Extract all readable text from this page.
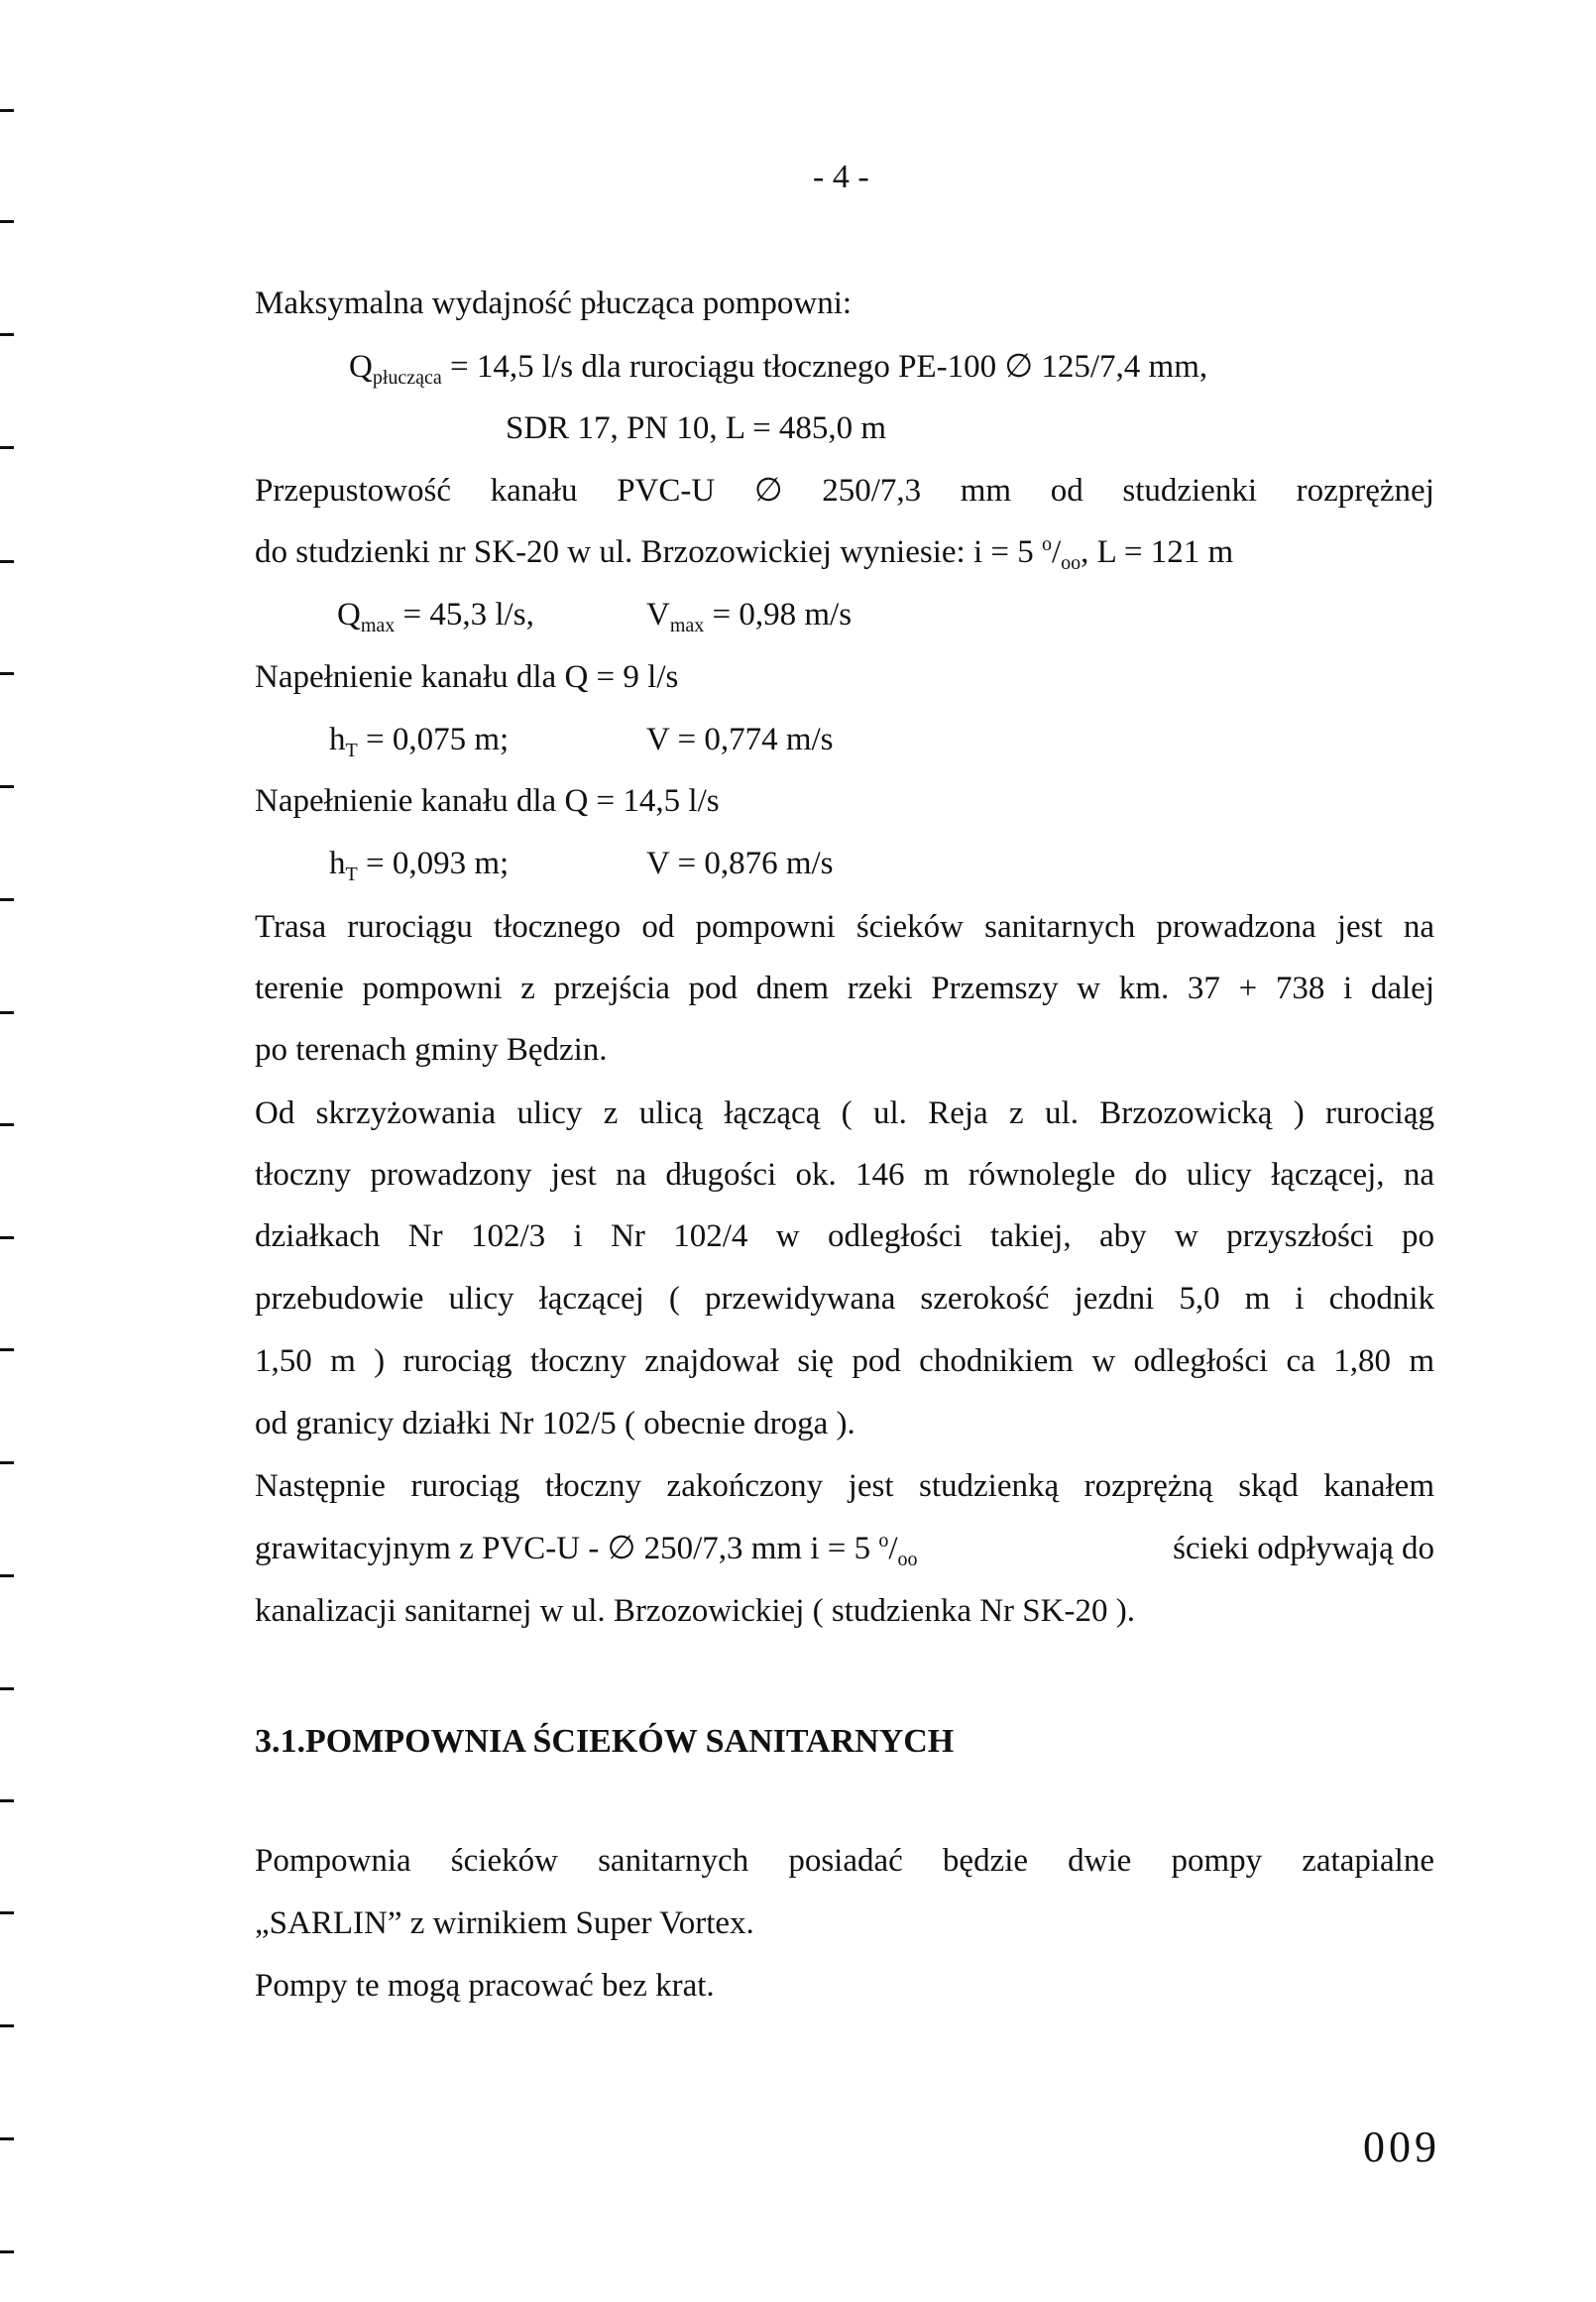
- 4 -
Maksymalna wydajność płucząca pompowni:
$Q_{płucząca} = 14,5$ l/s dla rurociągu tłocznego PE-100 ∅ 125/7,4 mm,
SDR 17, PN 10, L = 485,0 m
Przepustowość kanału PVC-U ∅ 250/7,3 mm od studzienki rozprężnej
do studzienki nr SK-20 w ul. Brzozowickiej wyniesie: i = 5 $^o/_{oo}$, L = 121 m
$Q_{max} = 45,3$ l/s,	$V_{max} = 0,98$ m/s
Napełnienie kanału dla Q = 9 l/s
$h_T = 0,075$ m;	V = 0,774 m/s
Napełnienie kanału dla Q = 14,5 l/s
$h_T = 0,093$ m;	V = 0,876 m/s
Trasa rurociągu tłocznego od pompowni ścieków sanitarnych prowadzona jest na
terenie pompowni z przejścia pod dnem rzeki Przemszy w km. 37 + 738 i dalej
po terenach gminy Będzin.
Od skrzyżowania ulicy z ulicą łączącą ( ul. Reja z ul. Brzozowicką ) rurociąg
tłoczny prowadzony jest na długości ok. 146 m równolegle do ulicy łączącej, na
działkach Nr 102/3 i Nr 102/4 w odległości takiej, aby w przyszłości po
przebudowie ulicy łączącej ( przewidywana szerokość jezdni 5,0 m i chodnik
1,50 m ) rurociąg tłoczny znajdował się pod chodnikiem w odległości ca 1,80 m
od granicy działki Nr 102/5 ( obecnie droga ).
Następnie rurociąg tłoczny zakończony jest studzienką rozprężną skąd kanałem
grawitacyjnym z PVC-U - ∅ 250/7,3 mm i = 5 $^o/_{oo}$	ścieki odpływają do
kanalizacji sanitarnej w ul. Brzozowickiej ( studzienka Nr SK-20 ).
3.1.POMPOWNIA ŚCIEKÓW SANITARNYCH
Pompownia ścieków sanitarnych posiadać będzie dwie pompy zatapialne
„SARLIN” z wirnikiem Super Vortex.
Pompy te mogą pracować bez krat.
009
